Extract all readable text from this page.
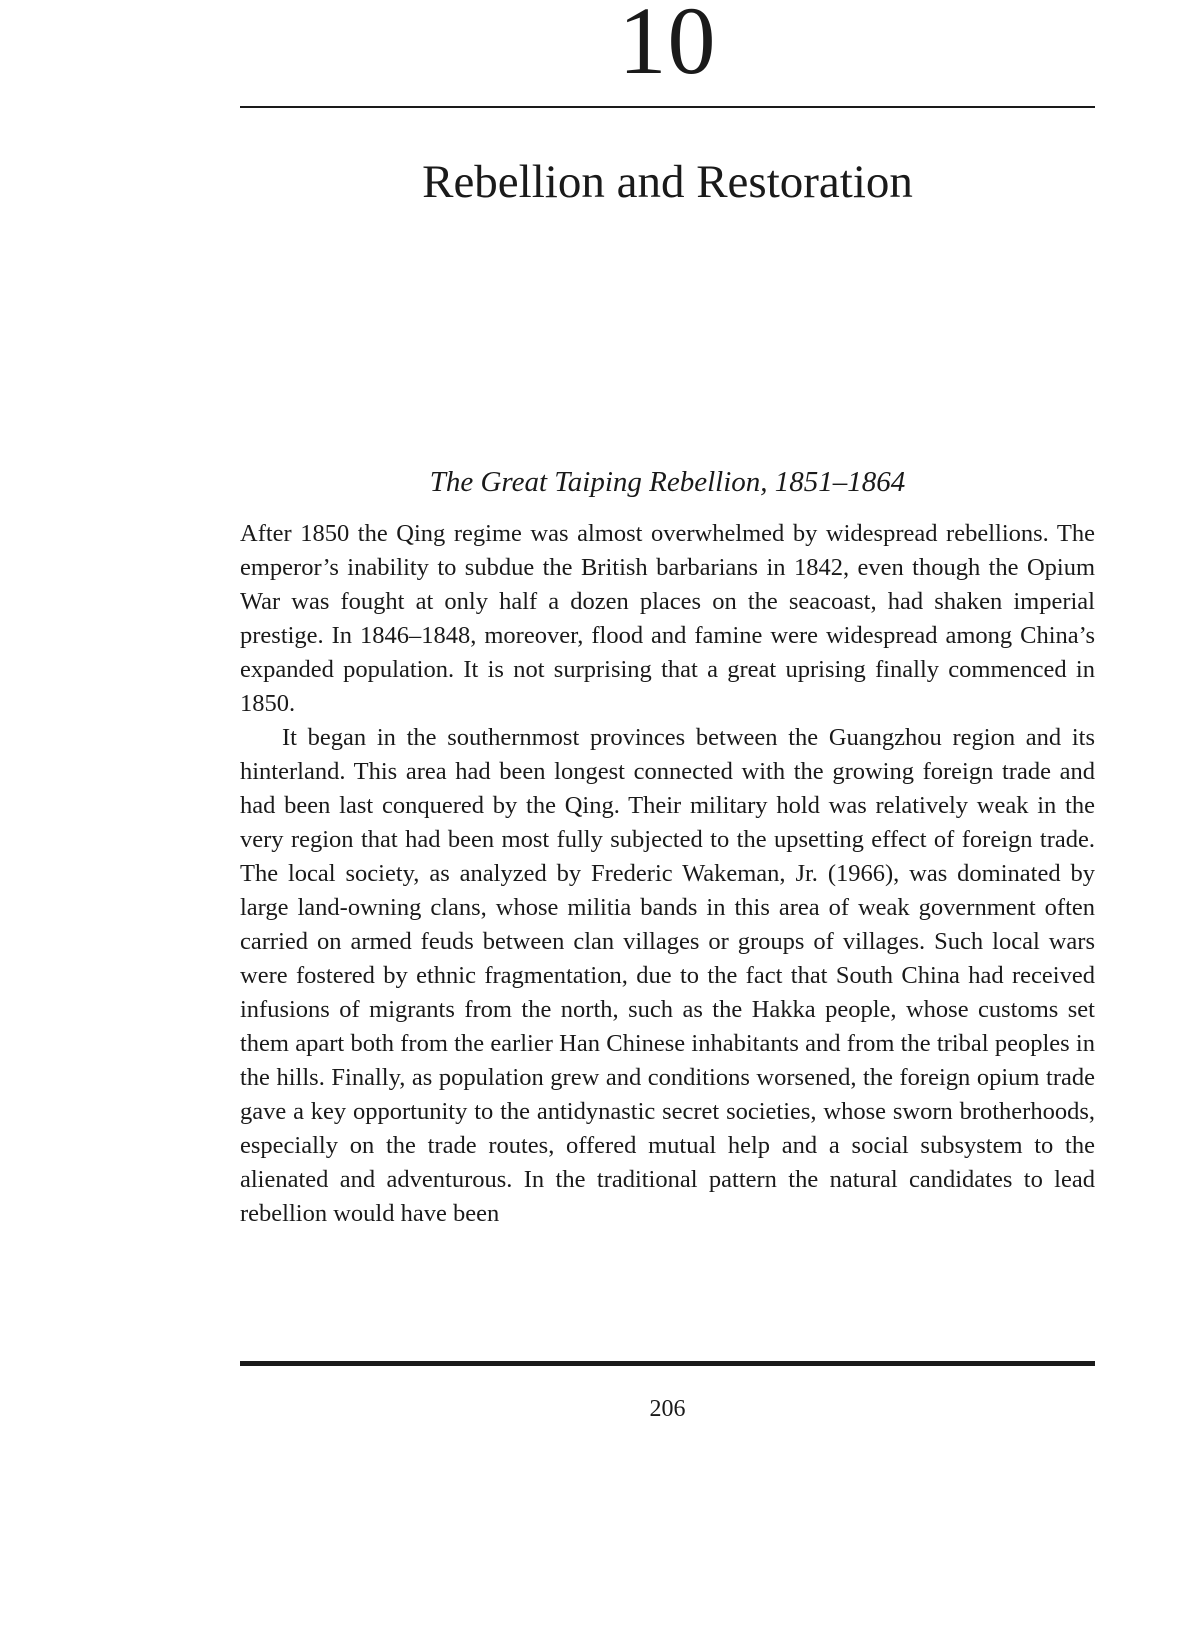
10
Rebellion and Restoration
The Great Taiping Rebellion, 1851–1864

After 1850 the Qing regime was almost overwhelmed by widespread rebellions. The emperor’s inability to subdue the British barbarians in 1842, even though the Opium War was fought at only half a dozen places on the seacoast, had shaken imperial prestige. In 1846–1848, moreover, flood and famine were widespread among China’s expanded population. It is not surprising that a great uprising finally commenced in 1850.

It began in the southernmost provinces between the Guangzhou region and its hinterland. This area had been longest connected with the growing foreign trade and had been last conquered by the Qing. Their military hold was relatively weak in the very region that had been most fully subjected to the upsetting effect of foreign trade. The local society, as analyzed by Frederic Wakeman, Jr. (1966), was dominated by large land-owning clans, whose militia bands in this area of weak government often carried on armed feuds between clan villages or groups of villages. Such local wars were fostered by ethnic fragmentation, due to the fact that South China had received infusions of migrants from the north, such as the Hakka people, whose customs set them apart both from the earlier Han Chinese inhabitants and from the tribal peoples in the hills. Finally, as population grew and conditions worsened, the foreign opium trade gave a key opportunity to the antidynastic secret societies, whose sworn brotherhoods, especially on the trade routes, offered mutual help and a social subsystem to the alienated and adventurous. In the traditional pattern the natural candidates to lead rebellion would have been

206
